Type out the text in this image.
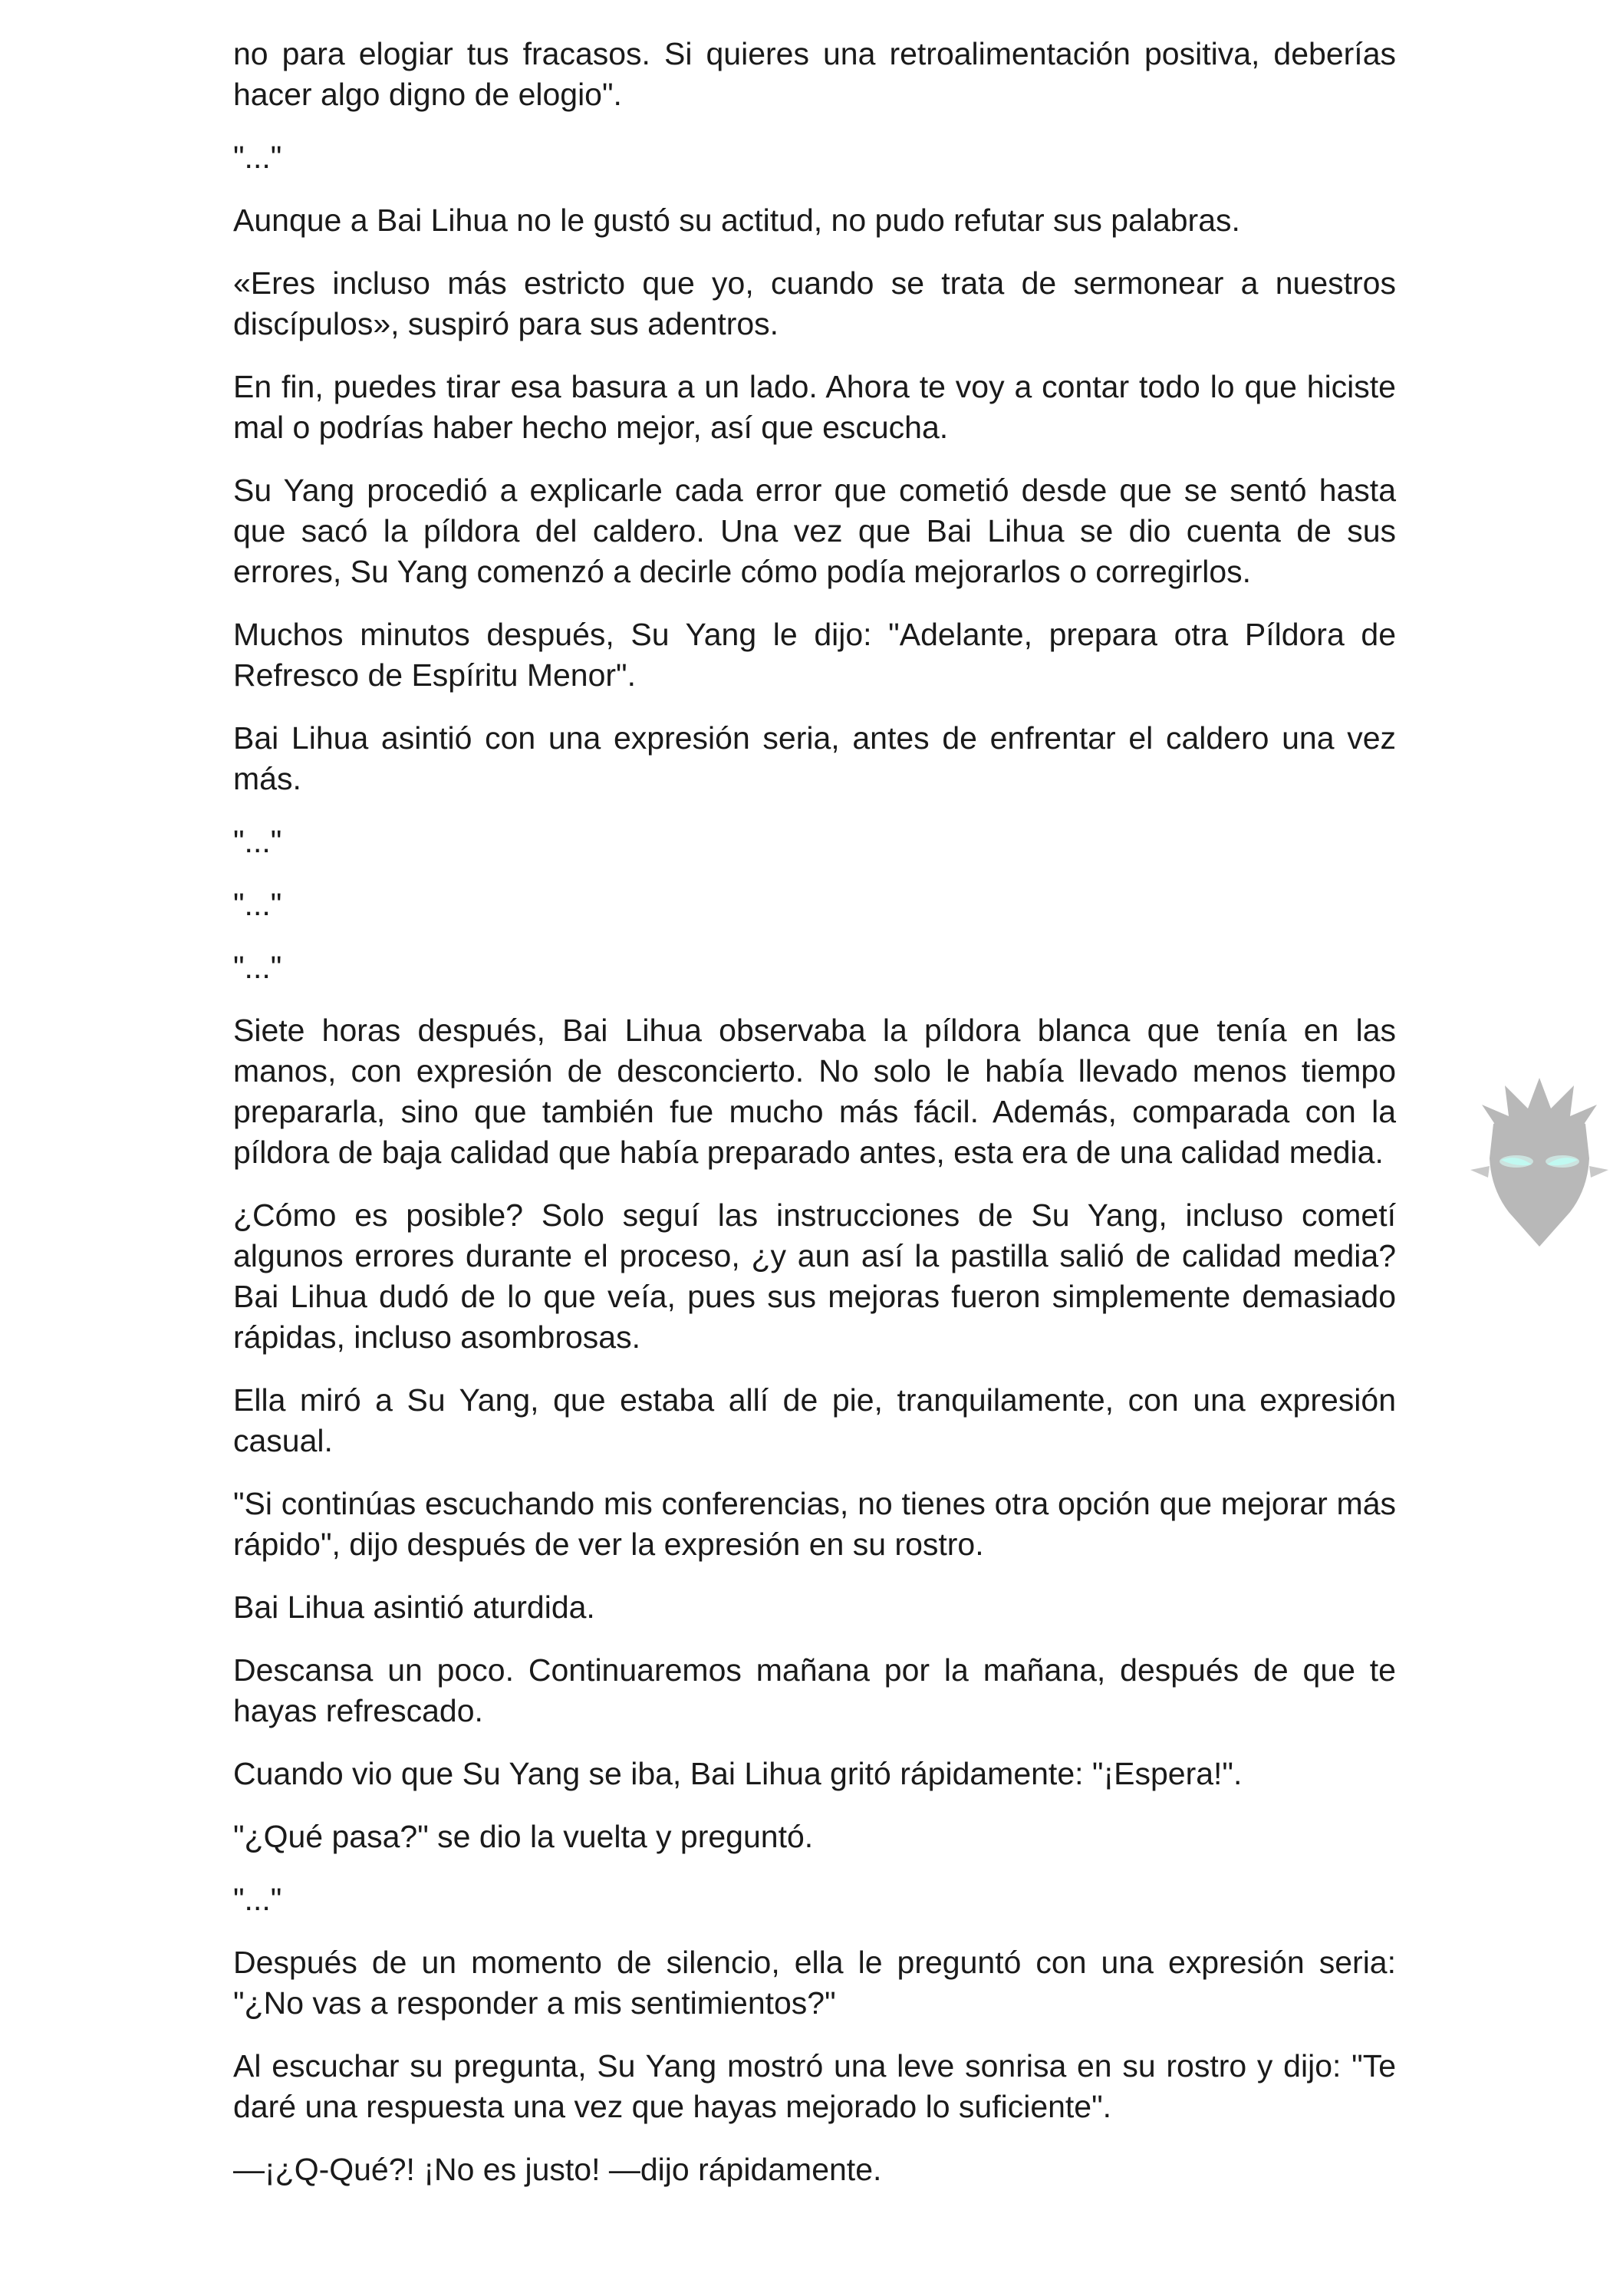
no para elogiar tus fracasos. Si quieres una retroalimentación positiva, deberías hacer algo digno de elogio".

"..."

Aunque a Bai Lihua no le gustó su actitud, no pudo refutar sus palabras.

«Eres incluso más estricto que yo, cuando se trata de sermonear a nuestros discípulos», suspiró para sus adentros.

En fin, puedes tirar esa basura a un lado. Ahora te voy a contar todo lo que hiciste mal o podrías haber hecho mejor, así que escucha.

Su Yang procedió a explicarle cada error que cometió desde que se sentó hasta que sacó la píldora del caldero. Una vez que Bai Lihua se dio cuenta de sus errores, Su Yang comenzó a decirle cómo podía mejorarlos o corregirlos.

Muchos minutos después, Su Yang le dijo: "Adelante, prepara otra Píldora de Refresco de Espíritu Menor".

Bai Lihua asintió con una expresión seria, antes de enfrentar el caldero una vez más.

"..."

"..."

"..."

Siete horas después, Bai Lihua observaba la píldora blanca que tenía en las manos, con expresión de desconcierto. No solo le había llevado menos tiempo prepararla, sino que también fue mucho más fácil. Además, comparada con la píldora de baja calidad que había preparado antes, esta era de una calidad media.

¿Cómo es posible? Solo seguí las instrucciones de Su Yang, incluso cometí algunos errores durante el proceso, ¿y aun así la pastilla salió de calidad media? Bai Lihua dudó de lo que veía, pues sus mejoras fueron simplemente demasiado rápidas, incluso asombrosas.

Ella miró a Su Yang, que estaba allí de pie, tranquilamente, con una expresión casual.

"Si continúas escuchando mis conferencias, no tienes otra opción que mejorar más rápido", dijo después de ver la expresión en su rostro.

Bai Lihua asintió aturdida.

Descansa un poco. Continuaremos mañana por la mañana, después de que te hayas refrescado.

Cuando vio que Su Yang se iba, Bai Lihua gritó rápidamente: "¡Espera!".

"¿Qué pasa?" se dio la vuelta y preguntó.

"..."

Después de un momento de silencio, ella le preguntó con una expresión seria: "¿No vas a responder a mis sentimientos?"

Al escuchar su pregunta, Su Yang mostró una leve sonrisa en su rostro y dijo: "Te daré una respuesta una vez que hayas mejorado lo suficiente".

—¡¿Q-Qué?! ¡No es justo! —dijo rápidamente.
